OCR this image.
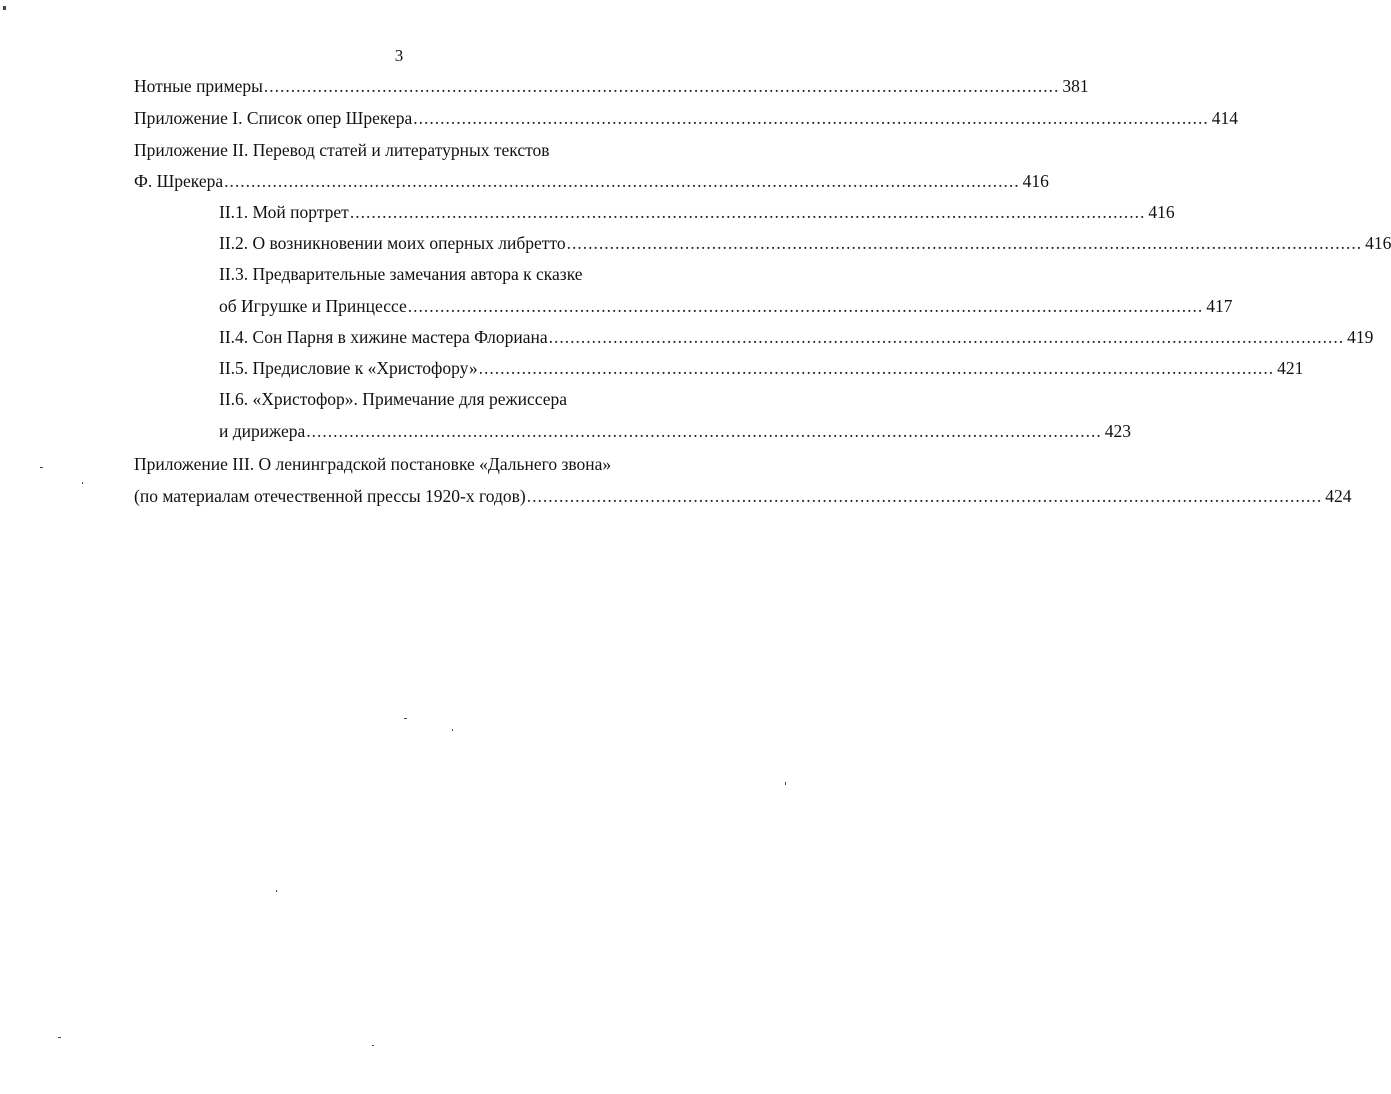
3
Нотные примеры .................................................................................................................................................... 381
Приложение I. Список опер Шрекера .................................................................................................................................................... 414
Приложение II. Перевод статей и литературных текстов
Ф. Шрекера .................................................................................................................................................... 416
II.1. Мой портрет .................................................................................................................................................... 416
II.2. О возникновении моих оперных либретто .................................................................................................................................................... 416
II.3. Предварительные замечания автора к сказке
об Игрушке и Принцессе .................................................................................................................................................... 417
II.4. Сон Парня в хижине мастера Флориана .................................................................................................................................................... 419
II.5. Предисловие к «Христофору» .................................................................................................................................................... 421
II.6. «Христофор». Примечание для режиссера
и дирижера .................................................................................................................................................... 423
Приложение III. О ленинградской постановке «Дальнего звона»
(по материалам отечественной прессы 1920-х годов) .................................................................................................................................................... 424
